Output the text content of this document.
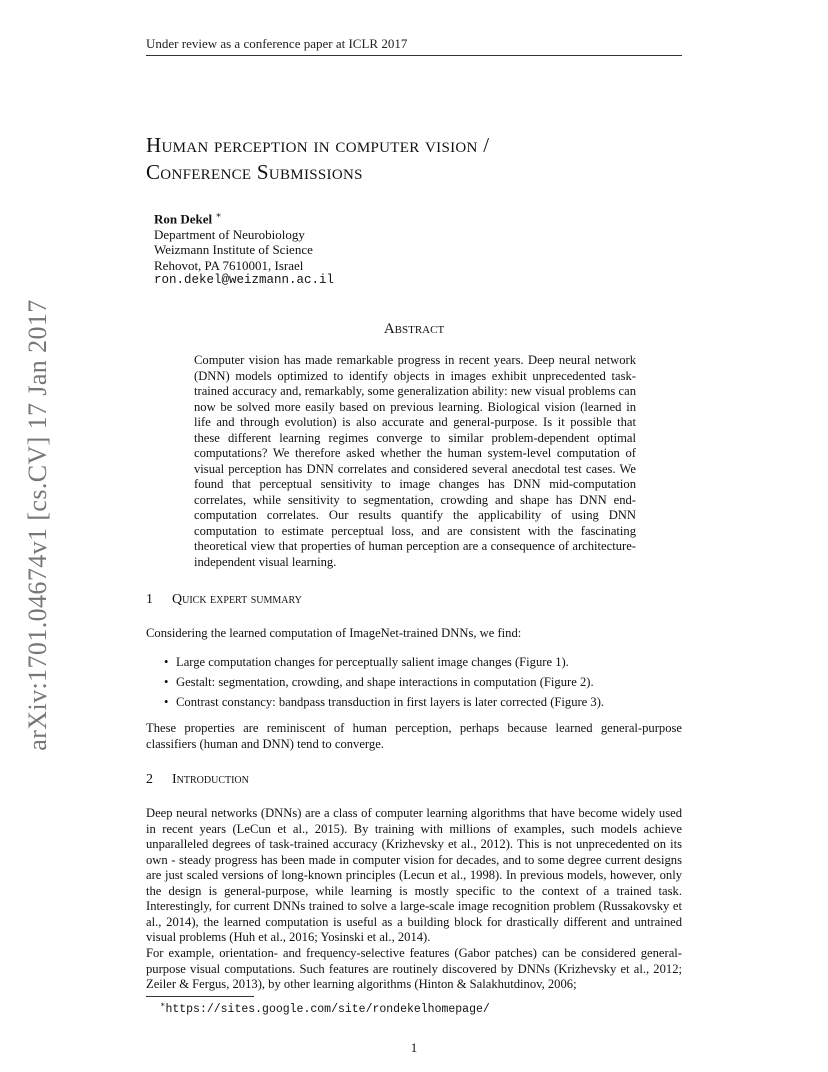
Under review as a conference paper at ICLR 2017
arXiv:1701.04674v1 [cs.CV] 17 Jan 2017
Human perception in computer vision /
Conference Submissions
Ron Dekel ∗
Department of Neurobiology
Weizmann Institute of Science
Rehovot, PA 7610001, Israel
ron.dekel@weizmann.ac.il
Abstract
Computer vision has made remarkable progress in recent years. Deep neural network (DNN) models optimized to identify objects in images exhibit unprecedented task-trained accuracy and, remarkably, some generalization ability: new visual problems can now be solved more easily based on previous learning. Biological vision (learned in life and through evolution) is also accurate and general-purpose. Is it possible that these different learning regimes converge to similar problem-dependent optimal computations? We therefore asked whether the human system-level computation of visual perception has DNN correlates and considered several anecdotal test cases. We found that perceptual sensitivity to image changes has DNN mid-computation correlates, while sensitivity to segmentation, crowding and shape has DNN end-computation correlates. Our results quantify the applicability of using DNN computation to estimate perceptual loss, and are consistent with the fascinating theoretical view that properties of human perception are a consequence of architecture-independent visual learning.
1 Quick expert summary
Considering the learned computation of ImageNet-trained DNNs, we find:
• Large computation changes for perceptually salient image changes (Figure 1).
• Gestalt: segmentation, crowding, and shape interactions in computation (Figure 2).
• Contrast constancy: bandpass transduction in first layers is later corrected (Figure 3).
These properties are reminiscent of human perception, perhaps because learned general-purpose classifiers (human and DNN) tend to converge.
2 Introduction
Deep neural networks (DNNs) are a class of computer learning algorithms that have become widely used in recent years (LeCun et al., 2015). By training with millions of examples, such models achieve unparalleled degrees of task-trained accuracy (Krizhevsky et al., 2012). This is not unprecedented on its own - steady progress has been made in computer vision for decades, and to some degree current designs are just scaled versions of long-known principles (Lecun et al., 1998). In previous models, however, only the design is general-purpose, while learning is mostly specific to the context of a trained task. Interestingly, for current DNNs trained to solve a large-scale image recognition problem (Russakovsky et al., 2014), the learned computation is useful as a building block for drastically different and untrained visual problems (Huh et al., 2016; Yosinski et al., 2014).
For example, orientation- and frequency-selective features (Gabor patches) can be considered general-purpose visual computations. Such features are routinely discovered by DNNs (Krizhevsky et al., 2012; Zeiler & Fergus, 2013), by other learning algorithms (Hinton & Salakhutdinov, 2006;
∗https://sites.google.com/site/rondekelhomepage/
1
